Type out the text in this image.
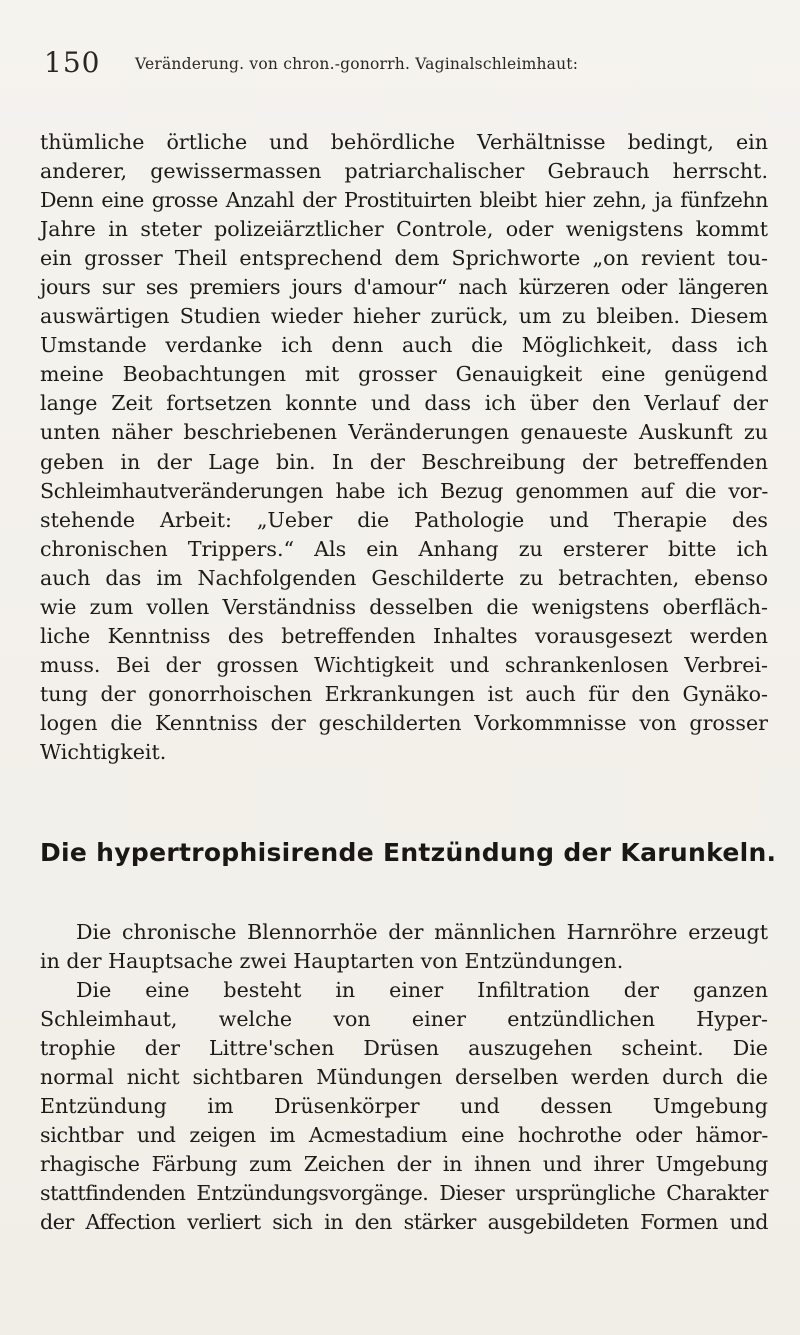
150 Veränderung. von chron.-gonorrh. Vaginalschleimhaut:
thümliche örtliche und behördliche Verhältnisse bedingt, ein
anderer, gewissermassen patriarchalischer Gebrauch herrscht.
Denn eine grosse Anzahl der Prostituirten bleibt hier zehn, ja fünfzehn
Jahre in steter polizeiärztlicher Controle, oder wenigstens kommt
ein grosser Theil entsprechend dem Sprichworte „on revient tou-
jours sur ses premiers jours d'amour“ nach kürzeren oder längeren
auswärtigen Studien wieder hieher zurück, um zu bleiben. Diesem
Umstande verdanke ich denn auch die Möglichkeit, dass ich
meine Beobachtungen mit grosser Genauigkeit eine genügend
lange Zeit fortsetzen konnte und dass ich über den Verlauf der
unten näher beschriebenen Veränderungen genaueste Auskunft zu
geben in der Lage bin. In der Beschreibung der betreffenden
Schleimhautveränderungen habe ich Bezug genommen auf die vor-
stehende Arbeit: „Ueber die Pathologie und Therapie des
chronischen Trippers.“ Als ein Anhang zu ersterer bitte ich
auch das im Nachfolgenden Geschilderte zu betrachten, ebenso
wie zum vollen Verständniss desselben die wenigstens oberfläch-
liche Kenntniss des betreffenden Inhaltes vorausgesezt werden
muss. Bei der grossen Wichtigkeit und schrankenlosen Verbrei-
tung der gonorrhoischen Erkrankungen ist auch für den Gynäko-
logen die Kenntniss der geschilderten Vorkommnisse von grosser
Wichtigkeit.
Die hypertrophisirende Entzündung der Karunkeln.
Die chronische Blennorrhöe der männlichen Harnröhre erzeugt
in der Hauptsache zwei Hauptarten von Entzündungen.
Die eine besteht in einer Infiltration der ganzen
Schleimhaut, welche von einer entzündlichen Hyper-
trophie der Littre'schen Drüsen auszugehen scheint. Die
normal nicht sichtbaren Mündungen derselben werden durch die
Entzündung im Drüsenkörper und dessen Umgebung
sichtbar und zeigen im Acmestadium eine hochrothe oder hämor-
rhagische Färbung zum Zeichen der in ihnen und ihrer Umgebung
stattfindenden Entzündungsvorgänge. Dieser ursprüngliche Charakter
der Affection verliert sich in den stärker ausgebildeten Formen und
